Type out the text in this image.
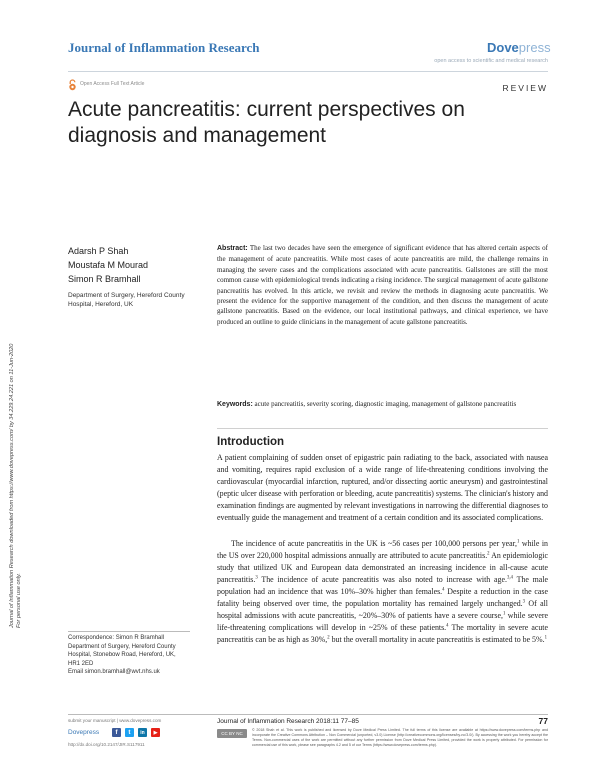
Journal of Inflammation Research	Dovepress
open access to scientific and medical research
Open Access Full Text Article	REVIEW
Acute pancreatitis: current perspectives on diagnosis and management
Journal of Inflammation Research downloaded from https://www.dovepress.com/ by 34.229.24.221 on 11-Jun-2020
For personal use only.
Adarsh P Shah
Moustafa M Mourad
Simon R Bramhall
Department of Surgery, Hereford County Hospital, Hereford, UK
Abstract: The last two decades have seen the emergence of significant evidence that has altered certain aspects of the management of acute pancreatitis. While most cases of acute pancreatitis are mild, the challenge remains in managing the severe cases and the complications associated with acute pancreatitis. Gallstones are still the most common cause with epidemiological trends indicating a rising incidence. The surgical management of acute gallstone pancreatitis has evolved. In this article, we revisit and review the methods in diagnosing acute pancreatitis. We present the evidence for the supportive management of the condition, and then discuss the management of acute gallstone pancreatitis. Based on the evidence, our local institutional pathways, and clinical experience, we have produced an outline to guide clinicians in the management of acute gallstone pancreatitis.
Keywords: acute pancreatitis, severity scoring, diagnostic imaging, management of gallstone pancreatitis
Introduction
A patient complaining of sudden onset of epigastric pain radiating to the back, associated with nausea and vomiting, requires rapid exclusion of a wide range of life-threatening conditions involving the cardiovascular (myocardial infarction, ruptured, and/or dissecting aortic aneurysm) and gastrointestinal (peptic ulcer disease with perforation or bleeding, acute pancreatitis) systems. The clinician's history and examination findings are augmented by relevant investigations in narrowing the differential diagnoses to eventually guide the management and treatment of a certain condition and its associated complications.
The incidence of acute pancreatitis in the UK is ~56 cases per 100,000 persons per year,$^1$ while in the US over 220,000 hospital admissions annually are attributed to acute pancreatitis.$^2$ An epidemiologic study that utilized UK and European data demonstrated an increasing incidence in all-cause acute pancreatitis.$^3$ The incidence of acute pancreatitis was also noted to increase with age.$^{3,4}$ The male population had an incidence that was 10%–30% higher than females.$^4$ Despite a reduction in the case fatality being observed over time, the population mortality has remained largely unchanged.$^3$ Of all hospital admissions with acute pancreatitis, ~20%–30% of patients have a severe course,$^1$ while severe life-threatening complications will develop in ~25% of these patients.$^4$ The mortality in severe acute pancreatitis can be as high as 30%,$^2$ but the overall mortality in acute pancreatitis is estimated to be 5%.$^1$
Correspondence: Simon R Bramhall
Department of Surgery, Hereford County
Hospital, Stonebow Road, Hereford, UK,
HR1 2ED
Email simon.bramhall@wvt.nhs.uk
submit your manuscript | www.dovepress.com
Dovepress	f	t	in	▶
http://dx.doi.org/10.2147/JIR.S117911
Journal of Inflammation Research 2018:11 77–85	77
CC BY NC
© 2018 Shah et al. This work is published and licensed by Dove Medical Press Limited. The full terms of this license are available at https://www.dovepress.com/terms.php and incorporate the Creative Commons Attribution – Non Commercial (unported, v3.0) License (http://creativecommons.org/licenses/by-nc/3.0/). By accessing the work you hereby accept the Terms. Non-commercial uses of the work are permitted without any further permission from Dove Medical Press Limited, provided the work is properly attributed. For permission for commercial use of this work, please see paragraphs 4.2 and 5 of our Terms (https://www.dovepress.com/terms.php).
